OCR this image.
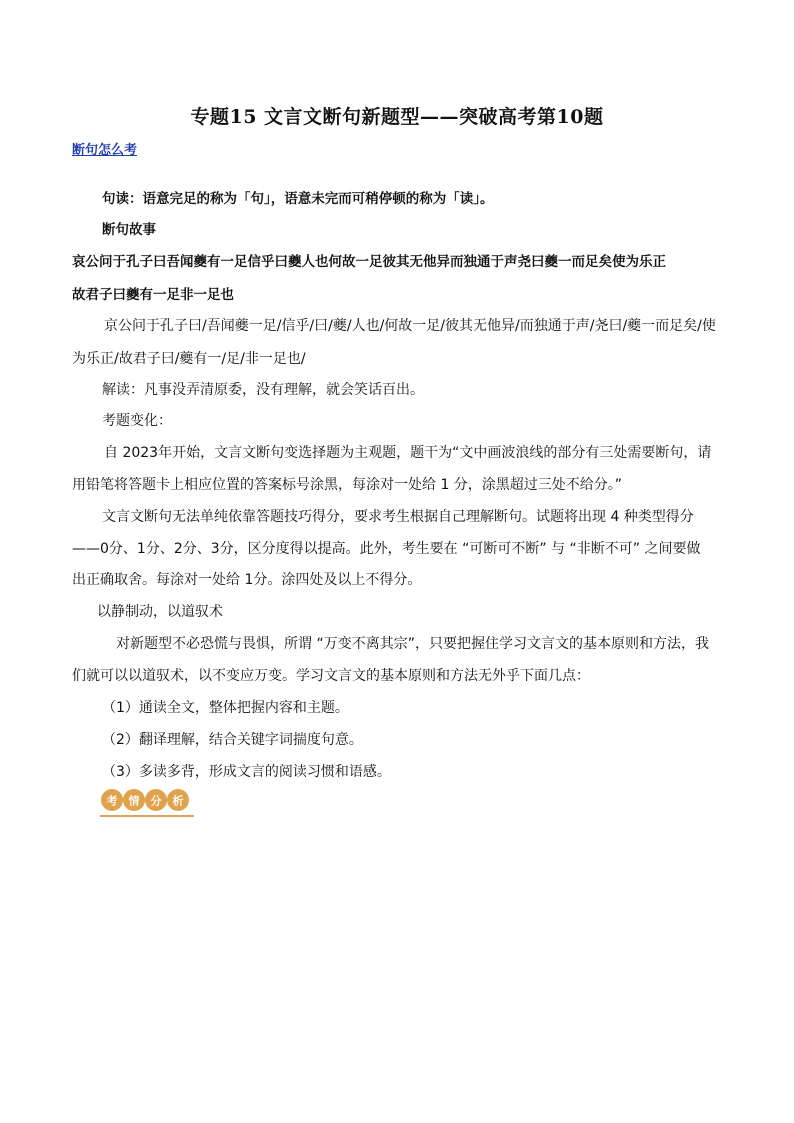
专题15 文言文断句新题型——突破高考第10题
断句怎么考
句读：语意完足的称为「句」，语意未完而可稍停顿的称为「读」。
断句故事
哀公问于孔子曰吾闻夔有一足信乎曰夔人也何故一足彼其无他异而独通于声尧曰夔一而足矣使为乐正
故君子曰夔有一足非一足也
京公问于孔子曰/吾闻夔一足/信乎/曰/夔/人也/何故一足/彼其无他异/而独通于声/尧曰/夔一而足矣/使
为乐正/故君子曰/夔有一/足/非一足也/
解读：凡事没弄清原委，没有理解，就会笑话百出。
考题变化：
自 2023年开始，文言文断句变选择题为主观题，题干为“文中画波浪线的部分有三处需要断句，请
用铅笔将答题卡上相应位置的答案标号涂黑，每涂对一处给 1 分，涂黑超过三处不给分。”
文言文断句无法单纯依靠答题技巧得分，要求考生根据自己理解断句。试题将出现 4 种类型得分
——0分、1分、2分、3分，区分度得以提高。此外，考生要在 “可断可不断” 与 “非断不可” 之间要做
出正确取舍。每涂对一处给 1分。涂四处及以上不得分。
以静制动，以道驭术
对新题型不必恐慌与畏惧，所谓 “万变不离其宗”，只要把握住学习文言文的基本原则和方法，我
们就可以以道驭术，以不变应万变。学习文言文的基本原则和方法无外乎下面几点：
（1）通读全文，整体把握内容和主题。
（2）翻译理解，结合关键字词揣度句意。
（3）多读多背，形成文言的阅读习惯和语感。
考 情 分 析
